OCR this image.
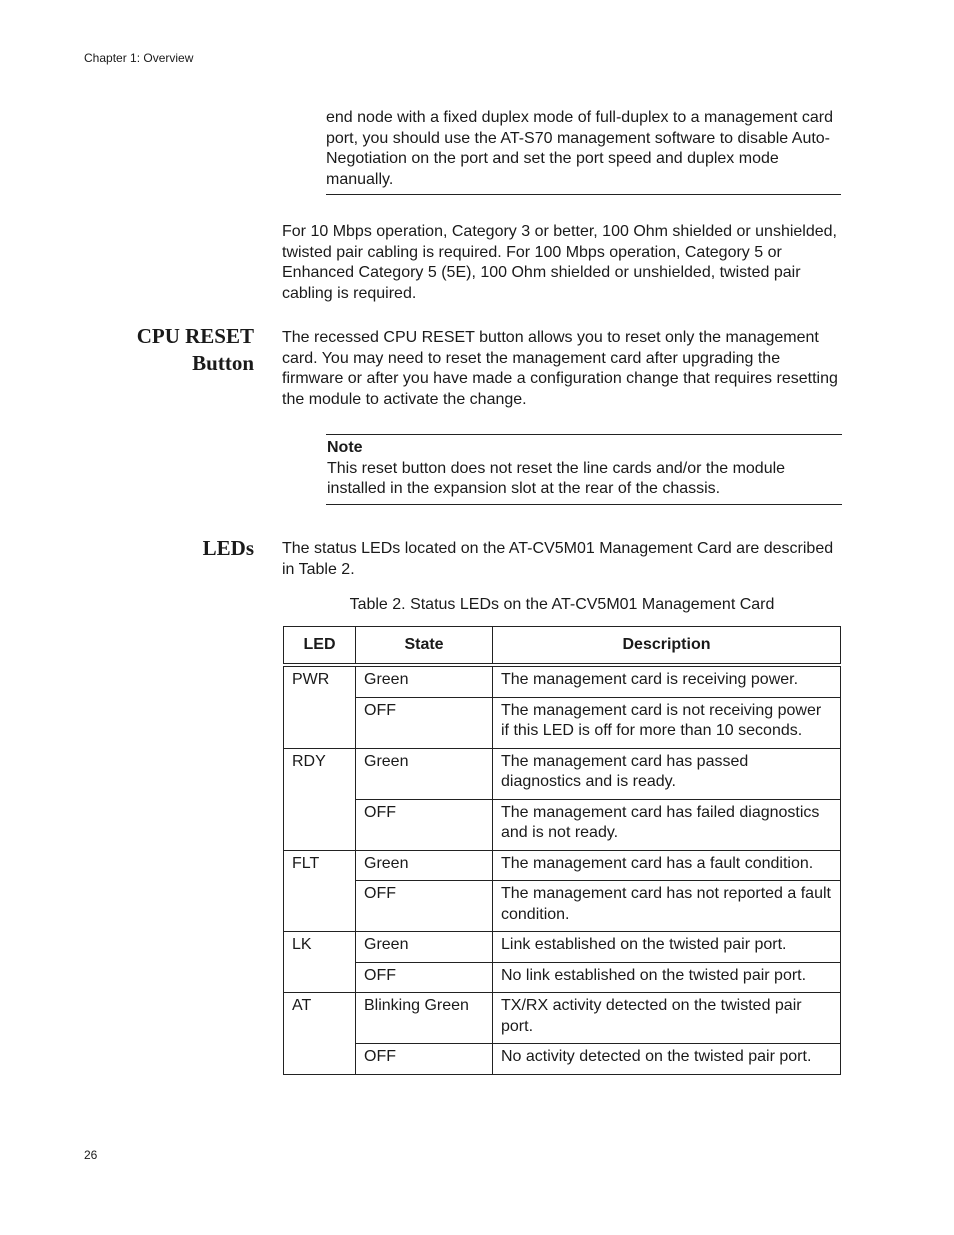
Chapter 1: Overview
end node with a fixed duplex mode of full-duplex to a management card port, you should use the AT-S70 management software to disable Auto-Negotiation on the port and set the port speed and duplex mode manually.
For 10 Mbps operation, Category 3 or better, 100 Ohm shielded or unshielded, twisted pair cabling is required. For 100 Mbps operation, Category 5 or Enhanced Category 5 (5E), 100 Ohm shielded or unshielded, twisted pair cabling is required.
CPU RESET
Button
The recessed CPU RESET button allows you to reset only the management card. You may need to reset the management card after upgrading the firmware or after you have made a configuration change that requires resetting the module to activate the change.
Note
This reset button does not reset the line cards and/or the module installed in the expansion slot at the rear of the chassis.
LEDs The status LEDs located on the AT-CV5M01 Management Card are described in Table 2.
Table 2. Status LEDs on the AT-CV5M01 Management Card
LED	State	Description
PWR	Green	The management card is receiving power.
	OFF	The management card is not receiving power if this LED is off for more than 10 seconds.
RDY	Green	The management card has passed diagnostics and is ready.
	OFF	The management card has failed diagnostics and is not ready.
FLT	Green	The management card has a fault condition.
	OFF	The management card has not reported a fault condition.
LK	Green	Link established on the twisted pair port.
	OFF	No link established on the twisted pair port.
AT	Blinking Green	TX/RX activity detected on the twisted pair port.
	OFF	No activity detected on the twisted pair port.
26
